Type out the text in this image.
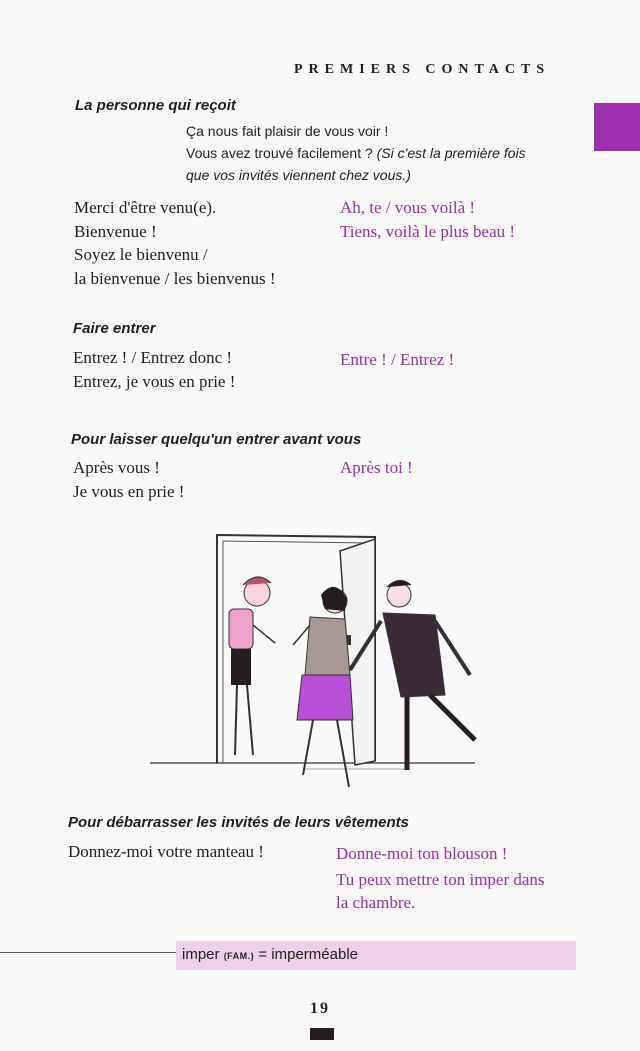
PREMIERS CONTACTS
La personne qui reçoit
Ça nous fait plaisir de vous voir !
Vous avez trouvé facilement ? (Si c'est la première fois
que vos invités viennent chez vous.)
Merci d'être venu(e).
Bienvenue !
Soyez le bienvenu /
la bienvenue / les bienvenus !
Ah, te / vous voilà !
Tiens, voilà le plus beau !
Faire entrer
Entrez ! / Entrez donc !
Entrez, je vous en prie !
Entre ! / Entrez !
Pour laisser quelqu'un entrer avant vous
Après vous !
Je vous en prie !
Après toi !
Pour débarrasser les invités de leurs vêtements
Donnez-moi votre manteau !	Donne-moi ton blouson !
Tu peux mettre ton imper dans
la chambre.
imper (FAM.) = imperméable
19
